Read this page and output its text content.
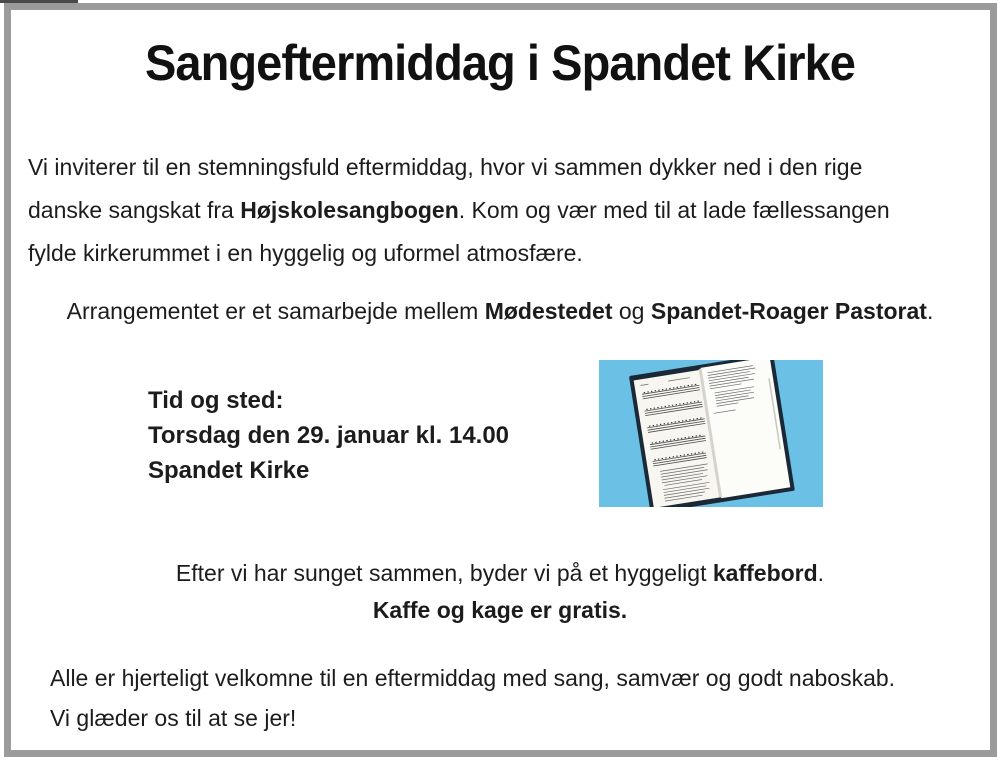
Sangeftermiddag i Spandet Kirke
Vi inviterer til en stemningsfuld eftermiddag, hvor vi sammen dykker ned i den rige
danske sangskat fra Højskolesangbogen. Kom og vær med til at lade fællessangen
fylde kirkerummet i en hyggelig og uformel atmosfære.
Arrangementet er et samarbejde mellem Mødestedet og Spandet-Roager Pastorat.
Tid og sted:
Torsdag den 29. januar kl. 14.00
Spandet Kirke
Efter vi har sunget sammen, byder vi på et hyggeligt kaffebord.
Kaffe og kage er gratis.
Alle er hjerteligt velkomne til en eftermiddag med sang, samvær og godt naboskab.
Vi glæder os til at se jer!
